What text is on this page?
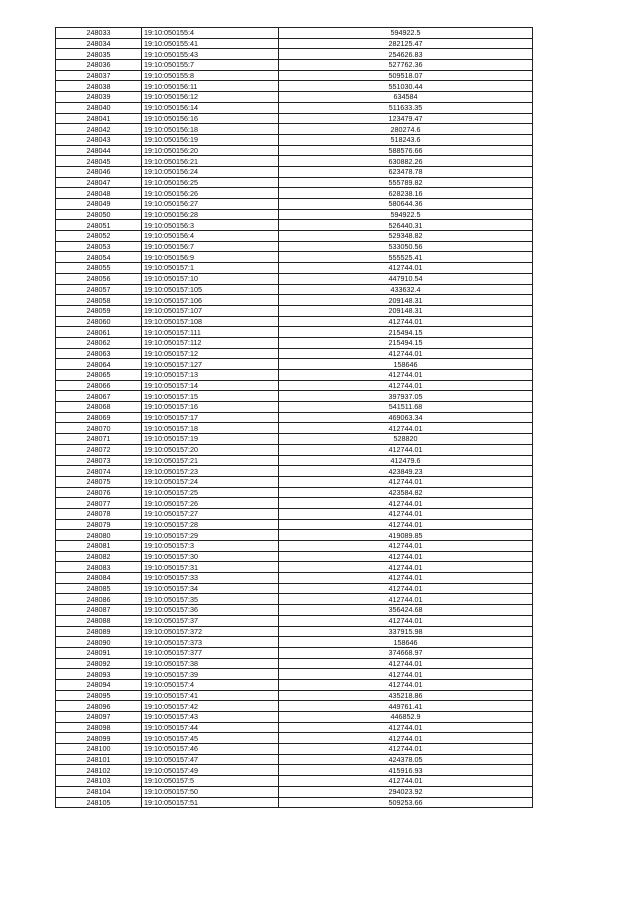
248033	19:10:050155:4	594922.5
248034	19:10:050155:41	282125.47
248035	19:10:050155:43	254626.83
248036	19:10:050155:7	527762.36
248037	19:10:050155:8	509518.07
248038	19:10:050156:11	551030.44
248039	19:10:050156:12	634584
248040	19:10:050156:14	511633.35
248041	19:10:050156:16	123479.47
248042	19:10:050156:18	280274.6
248043	19:10:050156:19	518243.6
248044	19:10:050156:20	588576.66
248045	19:10:050156:21	630882.26
248046	19:10:050156:24	623478.78
248047	19:10:050156:25	555789.82
248048	19:10:050156:26	628238.16
248049	19:10:050156:27	580644.36
248050	19:10:050156:28	594922.5
248051	19:10:050156:3	526440.31
248052	19:10:050156:4	529348.82
248053	19:10:050156:7	533050.56
248054	19:10:050156:9	555525.41
248055	19:10:050157:1	412744.01
248056	19:10:050157:10	447910.54
248057	19:10:050157:105	433632.4
248058	19:10:050157:106	209148.31
248059	19:10:050157:107	209148.31
248060	19:10:050157:108	412744.01
248061	19:10:050157:111	215494.15
248062	19:10:050157:112	215494.15
248063	19:10:050157:12	412744.01
248064	19:10:050157:127	158646
248065	19:10:050157:13	412744.01
248066	19:10:050157:14	412744.01
248067	19:10:050157:15	397937.05
248068	19:10:050157:16	541511.68
248069	19:10:050157:17	469063.34
248070	19:10:050157:18	412744.01
248071	19:10:050157:19	528820
248072	19:10:050157:20	412744.01
248073	19:10:050157:21	412479.6
248074	19:10:050157:23	423849.23
248075	19:10:050157:24	412744.01
248076	19:10:050157:25	423584.82
248077	19:10:050157:26	412744.01
248078	19:10:050157:27	412744.01
248079	19:10:050157:28	412744.01
248080	19:10:050157:29	419089.85
248081	19:10:050157:3	412744.01
248082	19:10:050157:30	412744.01
248083	19:10:050157:31	412744.01
248084	19:10:050157:33	412744.01
248085	19:10:050157:34	412744.01
248086	19:10:050157:35	412744.01
248087	19:10:050157:36	356424.68
248088	19:10:050157:37	412744.01
248089	19:10:050157:372	337915.98
248090	19:10:050157:373	158646
248091	19:10:050157:377	374668.97
248092	19:10:050157:38	412744.01
248093	19:10:050157:39	412744.01
248094	19:10:050157:4	412744.01
248095	19:10:050157:41	435218.86
248096	19:10:050157:42	449761.41
248097	19:10:050157:43	446852.9
248098	19:10:050157:44	412744.01
248099	19:10:050157:45	412744.01
248100	19:10:050157:46	412744.01
248101	19:10:050157:47	424378.05
248102	19:10:050157:49	415916.93
248103	19:10:050157:5	412744.01
248104	19:10:050157:50	294023.92
248105	19:10:050157:51	509253.66
